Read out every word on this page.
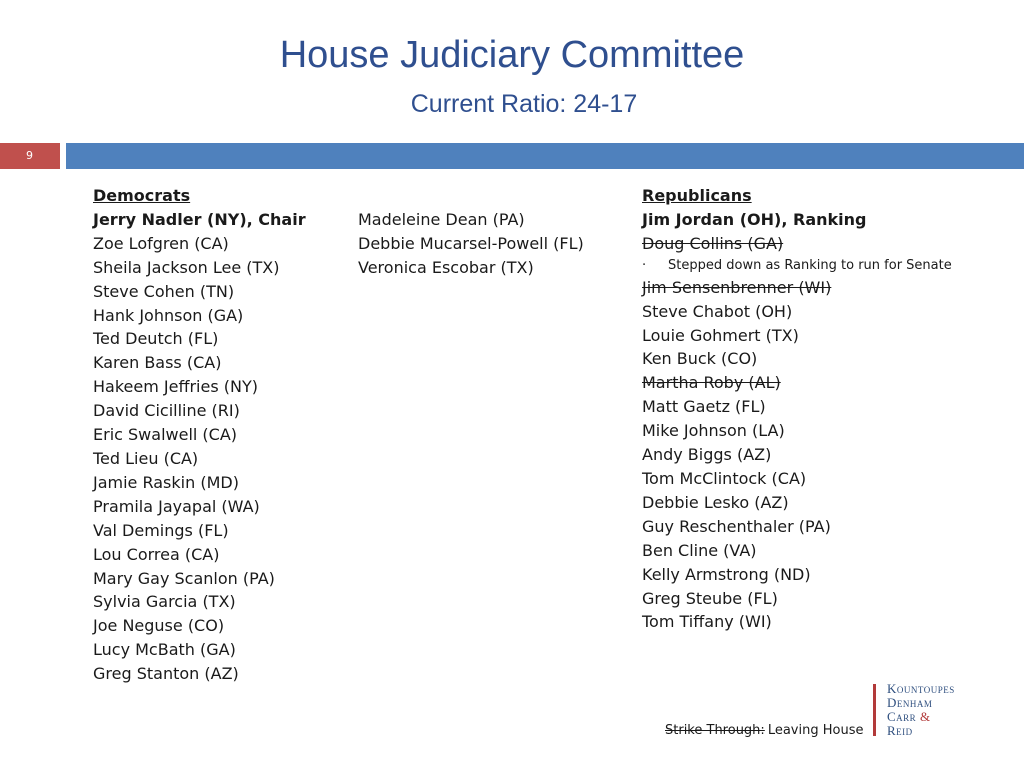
House Judiciary Committee
Current Ratio: 24-17
9
Democrats
Jerry Nadler (NY), Chair
Zoe Lofgren (CA)
Sheila Jackson Lee (TX)
Steve Cohen (TN)
Hank Johnson (GA)
Ted Deutch (FL)
Karen Bass (CA)
Hakeem Jeffries (NY)
David Cicilline (RI)
Eric Swalwell (CA)
Ted Lieu (CA)
Jamie Raskin (MD)
Pramila Jayapal (WA)
Val Demings (FL)
Lou Correa (CA)
Mary Gay Scanlon (PA)
Sylvia Garcia (TX)
Joe Neguse (CO)
Lucy McBath (GA)
Greg Stanton (AZ)
Madeleine Dean (PA)
Debbie Mucarsel-Powell (FL)
Veronica Escobar (TX)
Republicans
Jim Jordan (OH), Ranking
Doug Collins (GA)
· Stepped down as Ranking to run for Senate
Jim Sensenbrenner (WI)
Steve Chabot (OH)
Louie Gohmert (TX)
Ken Buck (CO)
Martha Roby (AL)
Matt Gaetz (FL)
Mike Johnson (LA)
Andy Biggs (AZ)
Tom McClintock (CA)
Debbie Lesko (AZ)
Guy Reschenthaler (PA)
Ben Cline (VA)
Kelly Armstrong (ND)
Greg Steube (FL)
Tom Tiffany (WI)
Strike Through: Leaving House
Kountoupes
Denham
Carr &
Reid
